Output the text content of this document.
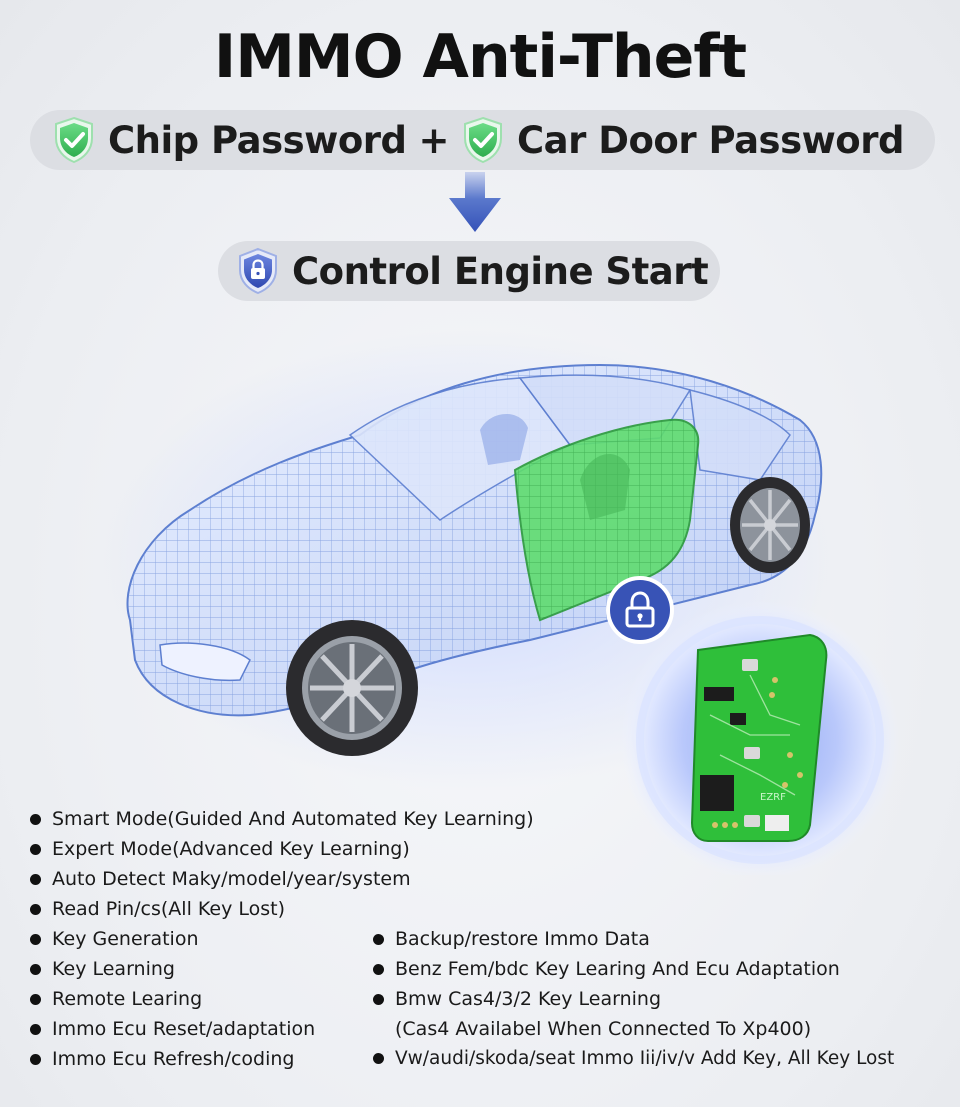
IMMO Anti-Theft
Chip Password + Car Door Password
Control Engine Start
EZRF
Smart Mode(Guided And Automated Key Learning)
Expert Mode(Advanced Key Learning)
Auto Detect Maky/model/year/system
Read Pin/cs(All Key Lost)
Key Generation
Key Learning
Remote Learing
Immo Ecu Reset/adaptation
Immo Ecu Refresh/coding
Backup/restore Immo Data
Benz Fem/bdc Key Learing And Ecu Adaptation
Bmw Cas4/3/2 Key Learning
(Cas4 Availabel When Connected To Xp400)
Vw/audi/skoda/seat Immo Iii/iv/v Add Key, All Key Lost
